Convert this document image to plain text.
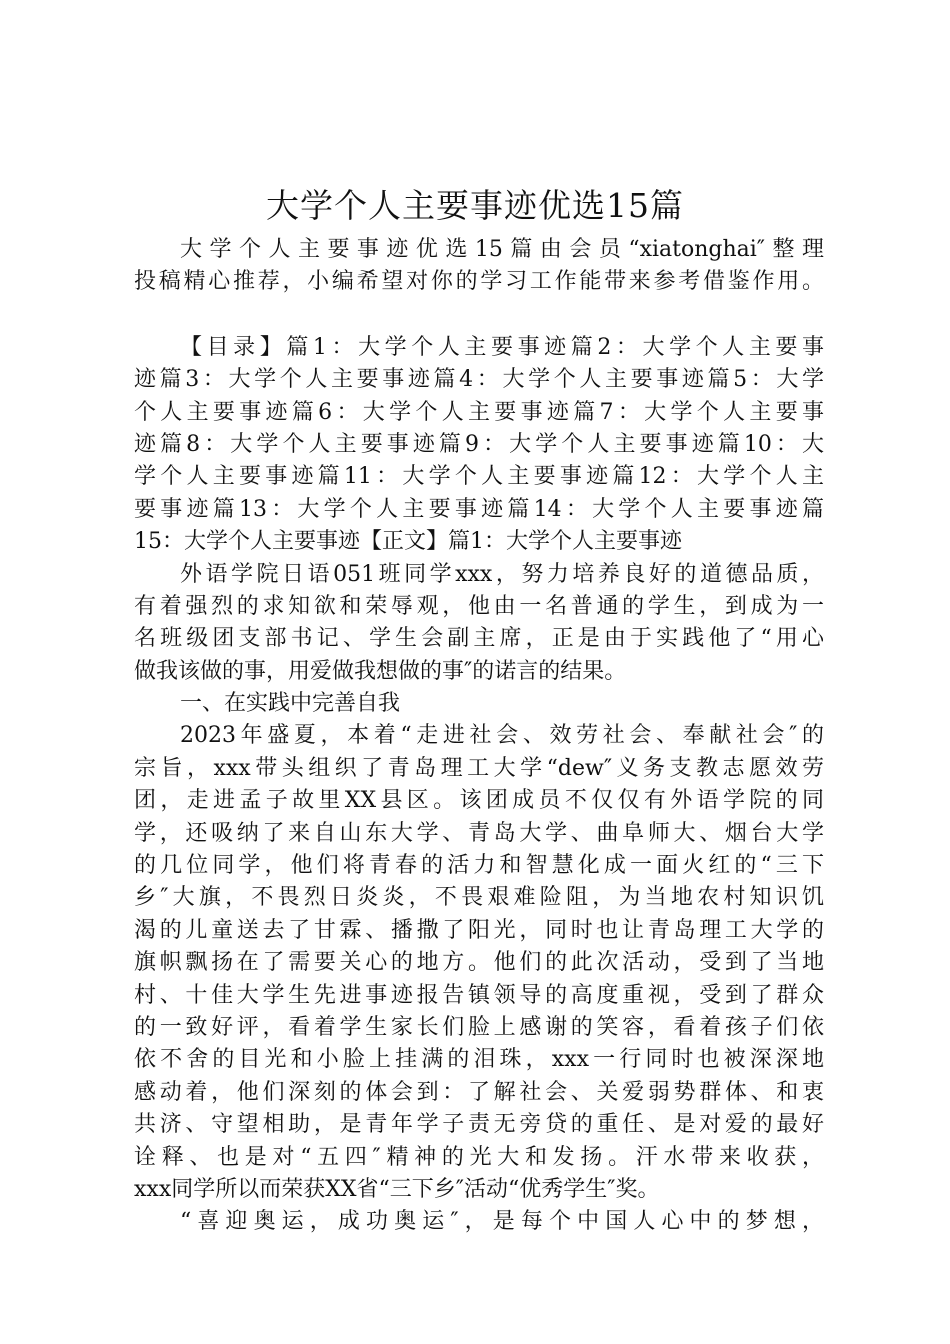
大学个人主要事迹优选15篇
大学个人主要事迹优选15篇由会员“xiatonghai″整理
投稿精心推荐，小编希望对你的学习工作能带来参考借鉴作用。
【目录】篇1：大学个人主要事迹篇2：大学个人主要事
迹篇3：大学个人主要事迹篇4：大学个人主要事迹篇5：大学
个人主要事迹篇6：大学个人主要事迹篇7：大学个人主要事
迹篇8：大学个人主要事迹篇9：大学个人主要事迹篇10：大
学个人主要事迹篇11：大学个人主要事迹篇12：大学个人主
要事迹篇13：大学个人主要事迹篇14：大学个人主要事迹篇
15：大学个人主要事迹【正文】篇1：大学个人主要事迹
外语学院日语051班同学xxx，努力培养良好的道德品质，
有着强烈的求知欲和荣辱观，他由一名普通的学生，到成为一
名班级团支部书记、学生会副主席，正是由于实践他了“用心
做我该做的事，用爱做我想做的事″的诺言的结果。
一、在实践中完善自我
2023年盛夏，本着“走进社会、效劳社会、奉献社会″的
宗旨，xxx带头组织了青岛理工大学“dew″义务支教志愿效劳
团，走进孟子故里XX县区。该团成员不仅仅有外语学院的同
学，还吸纳了来自山东大学、青岛大学、曲阜师大、烟台大学
的几位同学，他们将青春的活力和智慧化成一面火红的“三下
乡″大旗，不畏烈日炎炎，不畏艰难险阻，为当地农村知识饥
渴的儿童送去了甘霖、播撒了阳光，同时也让青岛理工大学的
旗帜飘扬在了需要关心的地方。他们的此次活动，受到了当地
村、十佳大学生先进事迹报告镇领导的高度重视，受到了群众
的一致好评，看着学生家长们脸上感谢的笑容，看着孩子们依
依不舍的目光和小脸上挂满的泪珠，xxx一行同时也被深深地
感动着，他们深刻的体会到：了解社会、关爱弱势群体、和衷
共济、守望相助，是青年学子责无旁贷的重任、是对爱的最好
诠释、也是对“五四″精神的光大和发扬。汗水带来收获，
xxx同学所以而荣获XX省“三下乡″活动“优秀学生″奖。
“喜迎奥运，成功奥运″，是每个中国人心中的梦想，
